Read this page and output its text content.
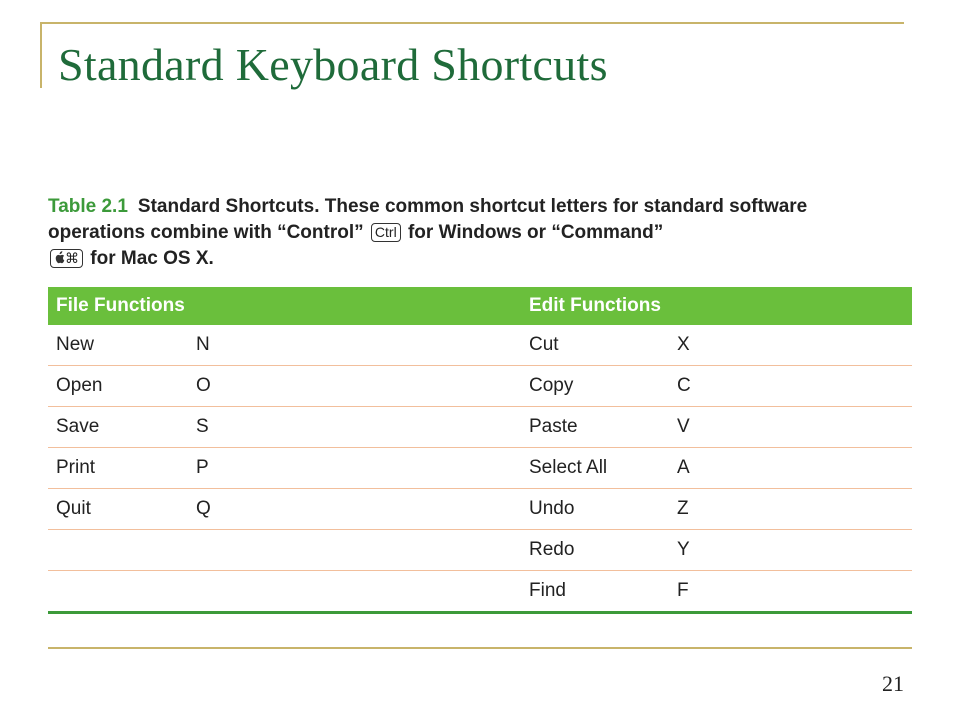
Standard Keyboard Shortcuts
Table 2.1 Standard Shortcuts. These common shortcut letters for standard software operations combine with “Control” Ctrl for Windows or “Command”
⌘ for Mac OS X.
File Functions		Edit Functions	
New	N	Cut	X
Open	O	Copy	C
Save	S	Paste	V
Print	P	Select All	A
Quit	Q	Undo	Z
		Redo	Y
		Find	F
21
